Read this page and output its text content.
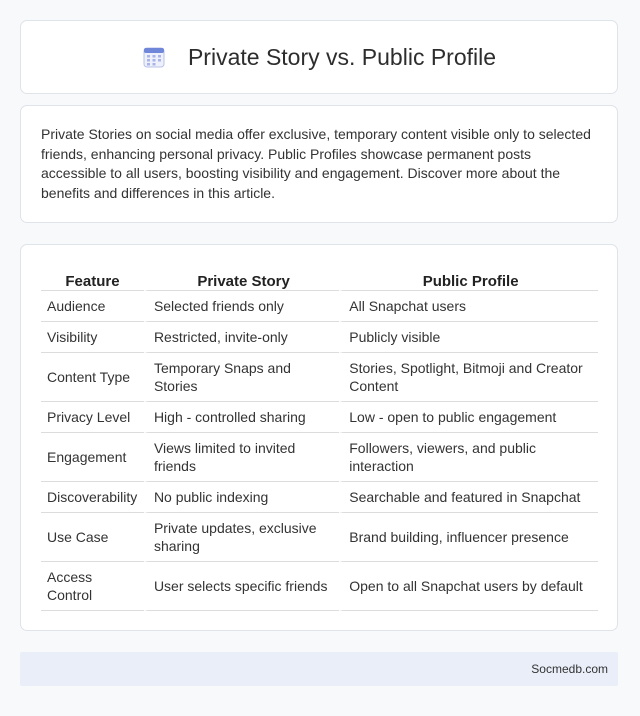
Private Story vs. Public Profile

Private Stories on social media offer exclusive, temporary content visible only to selected friends, enhancing personal privacy. Public Profiles showcase permanent posts accessible to all users, boosting visibility and engagement. Discover more about the benefits and differences in this article.

Feature	Private Story	Public Profile
Audience	Selected friends only	All Snapchat users
Visibility	Restricted, invite-only	Publicly visible
Content Type	Temporary Snaps and Stories	Stories, Spotlight, Bitmoji and Creator Content
Privacy Level	High - controlled sharing	Low - open to public engagement
Engagement	Views limited to invited friends	Followers, viewers, and public interaction
Discoverability	No public indexing	Searchable and featured in Snapchat
Use Case	Private updates, exclusive sharing	Brand building, influencer presence
Access Control	User selects specific friends	Open to all Snapchat users by default
Socmedb.com
